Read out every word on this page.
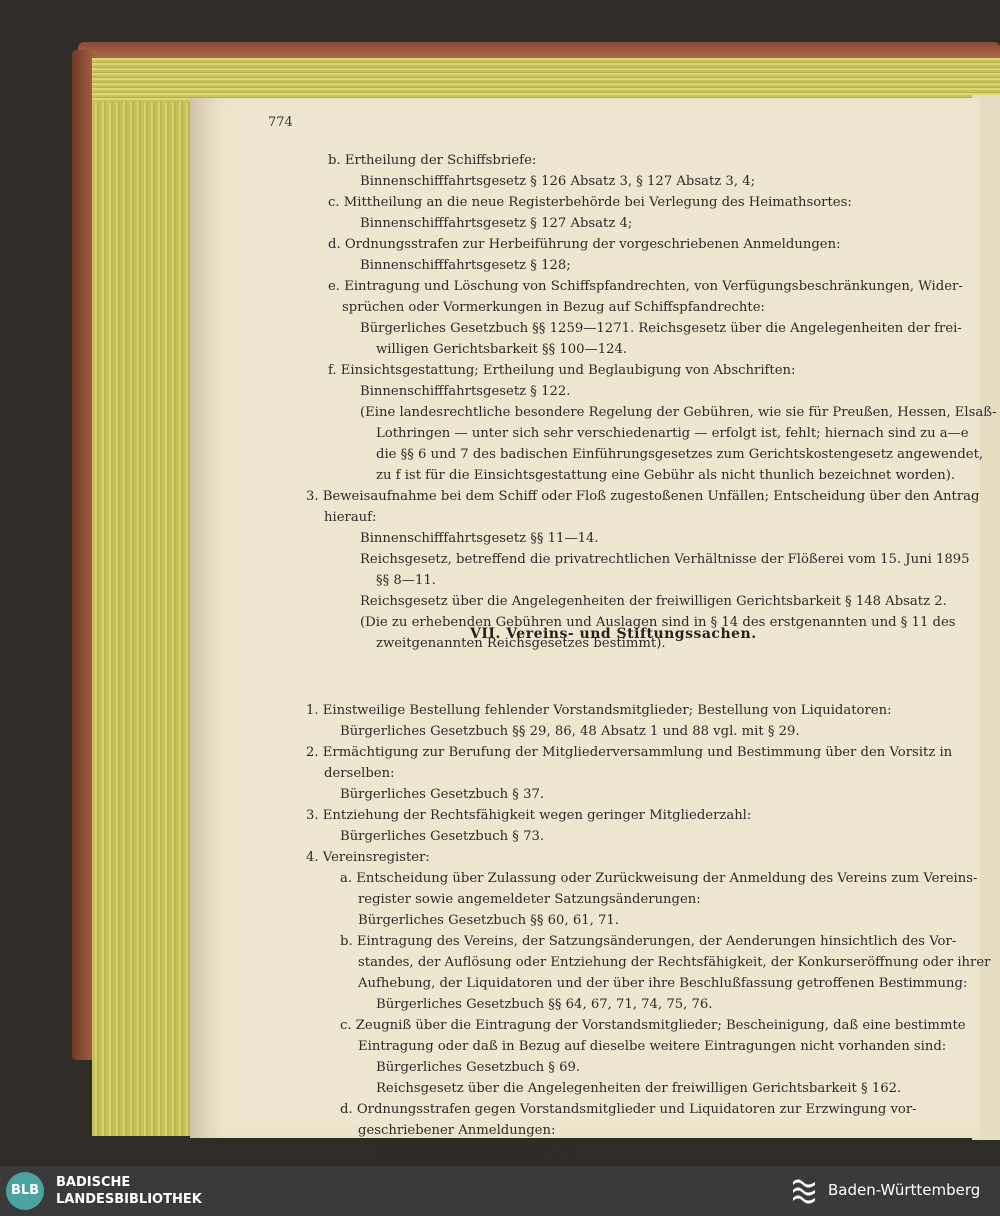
774
b. Ertheilung der Schiffsbriefe:
Binnenschifffahrtsgesetz § 126 Absatz 3, § 127 Absatz 3, 4;
c. Mittheilung an die neue Registerbehörde bei Verlegung des Heimathsortes:
Binnenschifffahrtsgesetz § 127 Absatz 4;
d. Ordnungsstrafen zur Herbeiführung der vorgeschriebenen Anmeldungen:
Binnenschifffahrtsgesetz § 128;
e. Eintragung und Löschung von Schiffspfandrechten, von Verfügungsbeschränkungen, Wider-
sprüchen oder Vormerkungen in Bezug auf Schiffspfandrechte:
Bürgerliches Gesetzbuch §§ 1259—1271. Reichsgesetz über die Angelegenheiten der frei-
willigen Gerichtsbarkeit §§ 100—124.
f. Einsichtsgestattung; Ertheilung und Beglaubigung von Abschriften:
Binnenschifffahrtsgesetz § 122.
(Eine landesrechtliche besondere Regelung der Gebühren, wie sie für Preußen, Hessen, Elsaß-
Lothringen — unter sich sehr verschiedenartig — erfolgt ist, fehlt; hiernach sind zu a—e
die §§ 6 und 7 des badischen Einführungsgesetzes zum Gerichtskostengesetz angewendet,
zu f ist für die Einsichtsgestattung eine Gebühr als nicht thunlich bezeichnet worden).
3. Beweisaufnahme bei dem Schiff oder Floß zugestoßenen Unfällen; Entscheidung über den Antrag
hierauf:
Binnenschifffahrtsgesetz §§ 11—14.
Reichsgesetz, betreffend die privatrechtlichen Verhältnisse der Flößerei vom 15. Juni 1895
§§ 8—11.
Reichsgesetz über die Angelegenheiten der freiwilligen Gerichtsbarkeit § 148 Absatz 2.
(Die zu erhebenden Gebühren und Auslagen sind in § 14 des erstgenannten und § 11 des
zweitgenannten Reichsgesetzes bestimmt).
1. Einstweilige Bestellung fehlender Vorstandsmitglieder; Bestellung von Liquidatoren:
Bürgerliches Gesetzbuch §§ 29, 86, 48 Absatz 1 und 88 vgl. mit § 29.
2. Ermächtigung zur Berufung der Mitgliederversammlung und Bestimmung über den Vorsitz in
derselben:
Bürgerliches Gesetzbuch § 37.
3. Entziehung der Rechtsfähigkeit wegen geringer Mitgliederzahl:
Bürgerliches Gesetzbuch § 73.
4. Vereinsregister:
a. Entscheidung über Zulassung oder Zurückweisung der Anmeldung des Vereins zum Vereins-
register sowie angemeldeter Satzungsänderungen:
Bürgerliches Gesetzbuch §§ 60, 61, 71.
b. Eintragung des Vereins, der Satzungsänderungen, der Aenderungen hinsichtlich des Vor-
standes, der Auflösung oder Entziehung der Rechtsfähigkeit, der Konkurseröffnung oder ihrer
Aufhebung, der Liquidatoren und der über ihre Beschlußfassung getroffenen Bestimmung:
Bürgerliches Gesetzbuch §§ 64, 67, 71, 74, 75, 76.
c. Zeugniß über die Eintragung der Vorstandsmitglieder; Bescheinigung, daß eine bestimmte
Eintragung oder daß in Bezug auf dieselbe weitere Eintragungen nicht vorhanden sind:
Bürgerliches Gesetzbuch § 69.
Reichsgesetz über die Angelegenheiten der freiwilligen Gerichtsbarkeit § 162.
d. Ordnungsstrafen gegen Vorstandsmitglieder und Liquidatoren zur Erzwingung vor-
geschriebener Anmeldungen:
Bürgerliches Gesetzbuch § 78.
VII. Vereins- und Stiftungssachen.
BLB
BADISCHE
LANDESBIBLIOTHEK
Baden-Württemberg
